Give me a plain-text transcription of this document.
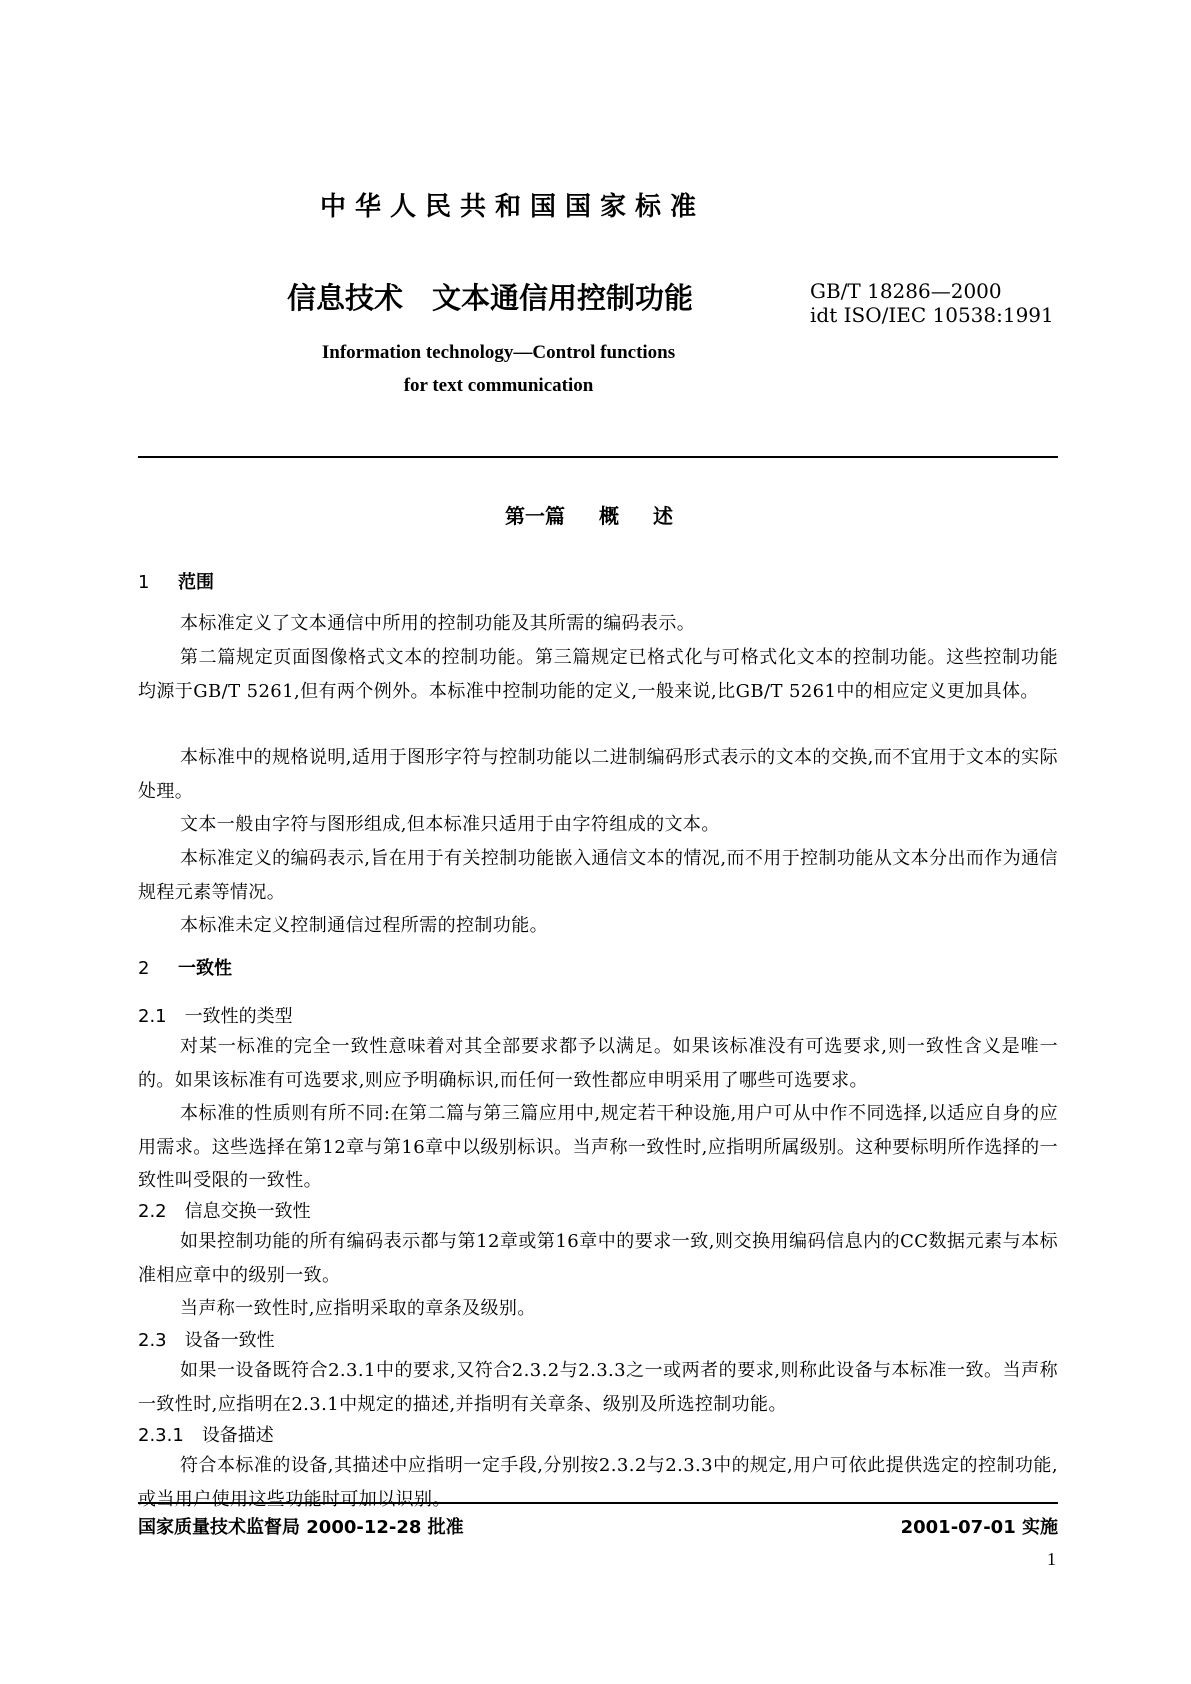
中华人民共和国国家标准
信息技术　文本通信用控制功能	GB/T 18286—2000
idt ISO/IEC 10538:1991
Information technology—Control functions
for text communication
第一篇 概 述
1 范围
本标准定义了文本通信中所用的控制功能及其所需的编码表示。
第二篇规定页面图像格式文本的控制功能。第三篇规定已格式化与可格式化文本的控制功能。这些控制功能均源于GB/T 5261,但有两个例外。本标准中控制功能的定义,一般来说,比GB/T 5261中的相应定义更加具体。
本标准中的规格说明,适用于图形字符与控制功能以二进制编码形式表示的文本的交换,而不宜用于文本的实际处理。
文本一般由字符与图形组成,但本标准只适用于由字符组成的文本。
本标准定义的编码表示,旨在用于有关控制功能嵌入通信文本的情况,而不用于控制功能从文本分出而作为通信规程元素等情况。
本标准未定义控制通信过程所需的控制功能。
2 一致性
2.1 一致性的类型
对某一标准的完全一致性意味着对其全部要求都予以满足。如果该标准没有可选要求,则一致性含义是唯一的。如果该标准有可选要求,则应予明确标识,而任何一致性都应申明采用了哪些可选要求。
本标准的性质则有所不同:在第二篇与第三篇应用中,规定若干种设施,用户可从中作不同选择,以适应自身的应用需求。这些选择在第12章与第16章中以级别标识。当声称一致性时,应指明所属级别。这种要标明所作选择的一致性叫受限的一致性。
2.2 信息交换一致性
如果控制功能的所有编码表示都与第12章或第16章中的要求一致,则交换用编码信息内的CC数据元素与本标准相应章中的级别一致。
当声称一致性时,应指明采取的章条及级别。
2.3 设备一致性
如果一设备既符合2.3.1中的要求,又符合2.3.2与2.3.3之一或两者的要求,则称此设备与本标准一致。当声称一致性时,应指明在2.3.1中规定的描述,并指明有关章条、级别及所选控制功能。
2.3.1 设备描述
符合本标准的设备,其描述中应指明一定手段,分别按2.3.2与2.3.3中的规定,用户可依此提供选定的控制功能,或当用户使用这些功能时可加以识别。
国家质量技术监督局 2000-12-28 批准	2001-07-01 实施
1
